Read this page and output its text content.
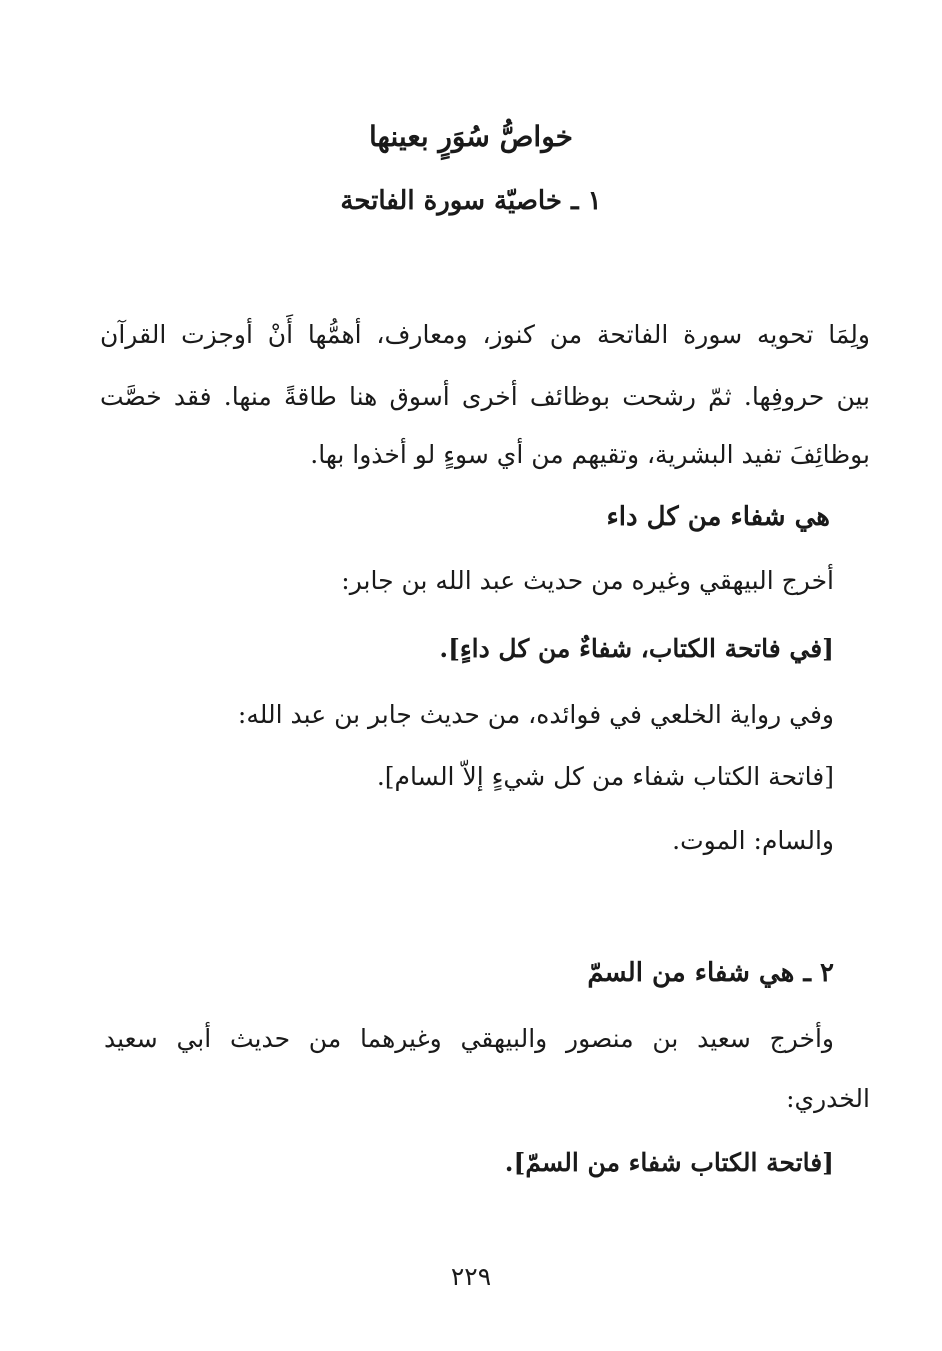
خواصُّ سُوَرٍ بعينها
١ ـ خاصيّة سورة الفاتحة
ولِمَا تحويه سورة الفاتحة من كنوز، ومعارف، أهمُّها أَنْ أوجزت القرآن
بين حروفِها. ثمّ رشحت بوظائف أخرى أسوق هنا طاقةً منها. فقد خصَّت
بوظائِفَ تفيد البشرية، وتقيهم من أي سوءٍ لو أخذوا بها.
هي شفاء من كل داء
أخرج البيهقي وغيره من حديث عبد الله بن جابر:
[في فاتحة الكتاب، شفاءٌ من كل داءٍ].
وفي رواية الخلعي في فوائده، من حديث جابر بن عبد الله:
[فاتحة الكتاب شفاء من كل شيءٍ إلاّ السام].
والسام: الموت.
٢ ـ هي شفاء من السمّ
وأخرج سعيد بن منصور والبيهقي وغيرهما من حديث أبي سعيد
الخدري:
[فاتحة الكتاب شفاء من السمّ].
٢٢٩
